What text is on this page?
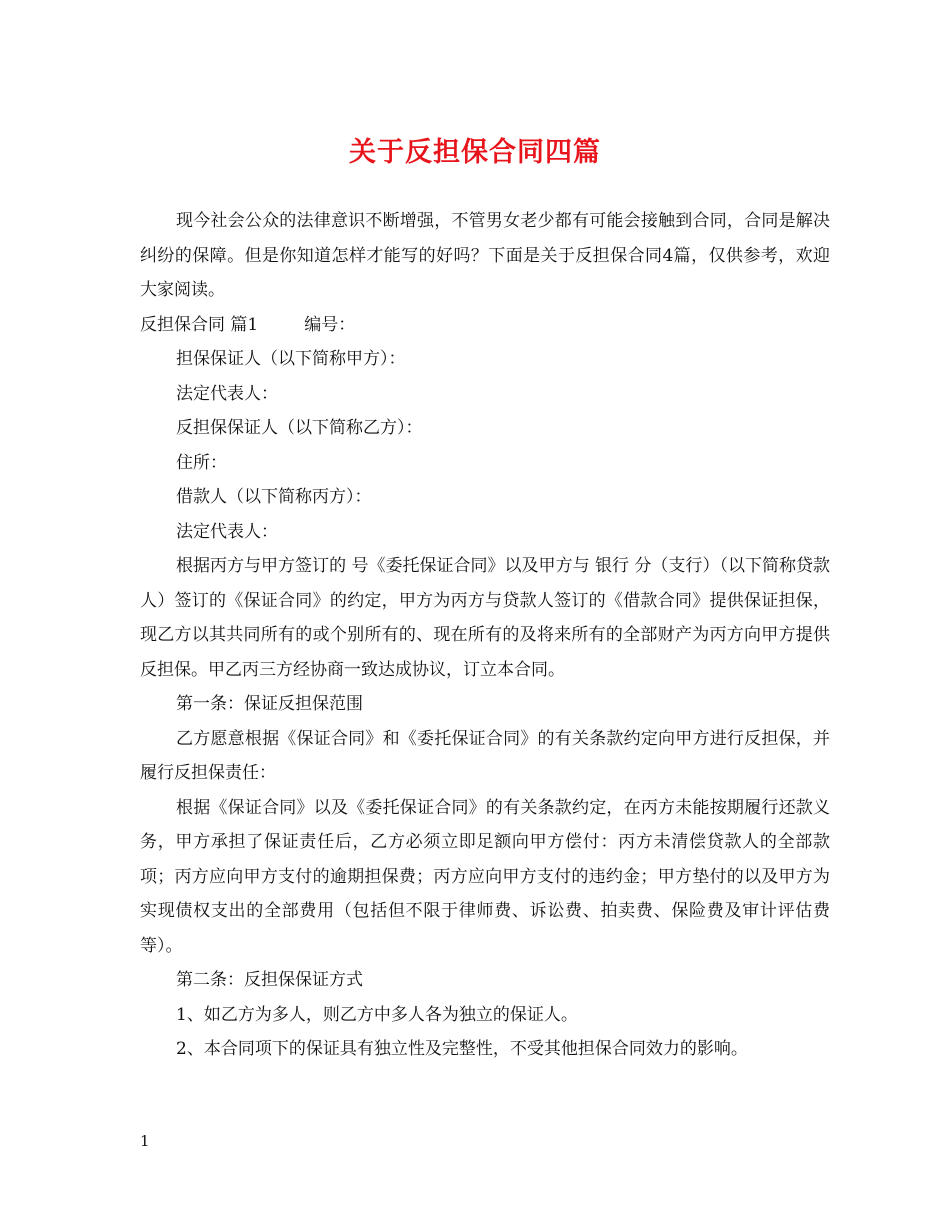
关于反担保合同四篇

现今社会公众的法律意识不断增强，不管男女老少都有可能会接触到合同，合同是解决纠纷的保障。但是你知道怎样才能写的好吗？下面是关于反担保合同4篇，仅供参考，欢迎大家阅读。

反担保合同 篇1	编号：

担保保证人（以下简称甲方）：

法定代表人：

反担保保证人（以下简称乙方）：

住所：

借款人（以下简称丙方）：

法定代表人：

根据丙方与甲方签订的 号《委托保证合同》以及甲方与 银行 分（支行）（以下简称贷款人）签订的《保证合同》的约定，甲方为丙方与贷款人签订的《借款合同》提供保证担保，现乙方以其共同所有的或个别所有的、现在所有的及将来所有的全部财产为丙方向甲方提供反担保。甲乙丙三方经协商一致达成协议，订立本合同。

第一条：保证反担保范围

乙方愿意根据《保证合同》和《委托保证合同》的有关条款约定向甲方进行反担保，并履行反担保责任：

根据《保证合同》以及《委托保证合同》的有关条款约定，在丙方未能按期履行还款义务，甲方承担了保证责任后，乙方必须立即足额向甲方偿付：丙方未清偿贷款人的全部款项；丙方应向甲方支付的逾期担保费；丙方应向甲方支付的违约金；甲方垫付的以及甲方为实现债权支出的全部费用（包括但不限于律师费、诉讼费、拍卖费、保险费及审计评估费等）。

第二条：反担保保证方式

1、如乙方为多人，则乙方中多人各为独立的保证人。

2、本合同项下的保证具有独立性及完整性，不受其他担保合同效力的影响。

1
